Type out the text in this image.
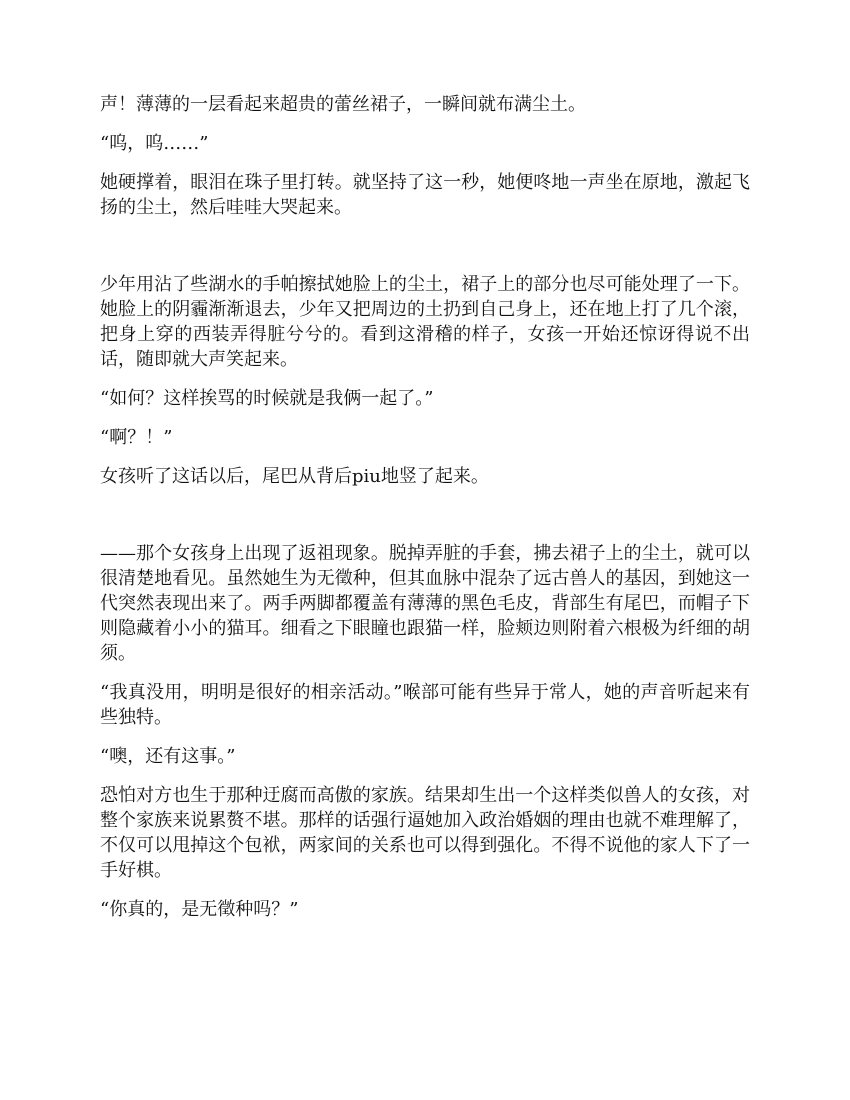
声！薄薄的一层看起来超贵的蕾丝裙子，一瞬间就布满尘土。

“呜，呜……”

她硬撑着，眼泪在珠子里打转。就坚持了这一秒，她便咚地一声坐在原地，激起飞扬的尘土，然后哇哇大哭起来。

少年用沾了些湖水的手帕擦拭她脸上的尘土，裙子上的部分也尽可能处理了一下。她脸上的阴霾渐渐退去，少年又把周边的土扔到自己身上，还在地上打了几个滚，把身上穿的西装弄得脏兮兮的。看到这滑稽的样子，女孩一开始还惊讶得说不出话，随即就大声笑起来。

“如何？这样挨骂的时候就是我俩一起了。”

“啊？！”

女孩听了这话以后，尾巴从背后piu地竖了起来。

——那个女孩身上出现了返祖现象。脱掉弄脏的手套，拂去裙子上的尘土，就可以很清楚地看见。虽然她生为无徵种，但其血脉中混杂了远古兽人的基因，到她这一代突然表现出来了。两手两脚都覆盖有薄薄的黑色毛皮，背部生有尾巴，而帽子下则隐藏着小小的猫耳。细看之下眼瞳也跟猫一样，脸颊边则附着六根极为纤细的胡须。

“我真没用，明明是很好的相亲活动。”喉部可能有些异于常人，她的声音听起来有些独特。

“噢，还有这事。”

恐怕对方也生于那种迂腐而高傲的家族。结果却生出一个这样类似兽人的女孩，对整个家族来说累赘不堪。那样的话强行逼她加入政治婚姻的理由也就不难理解了，不仅可以甩掉这个包袱，两家间的关系也可以得到强化。不得不说他的家人下了一手好棋。

“你真的，是无徵种吗？”
